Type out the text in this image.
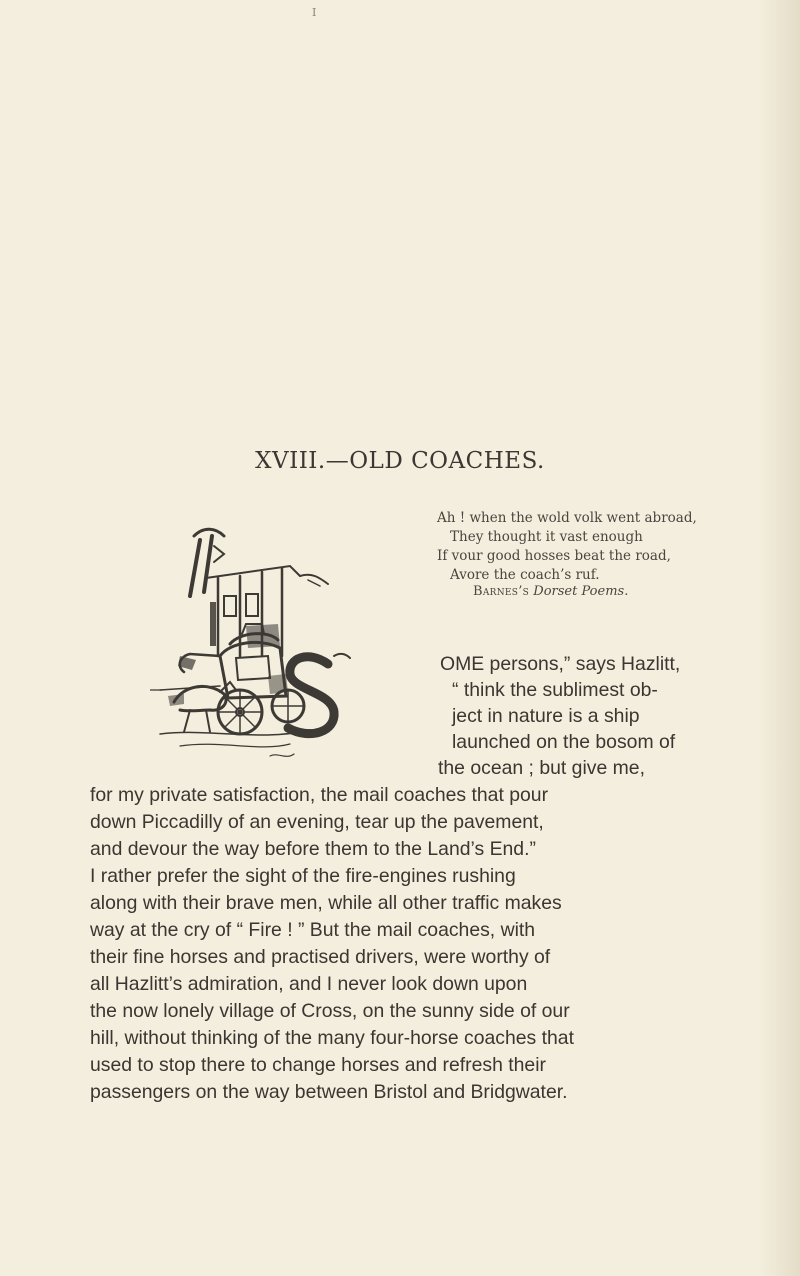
I
XVIII.—OLD COACHES.
Ah ! when the wold volk went abroad,
They thought it vast enough
If vour good hosses beat the road,
Avore the coach’s ruf.
Barnes’s Dorset Poems.
OME persons,” says Hazlitt,
“ think the sublimest ob-
ject in nature is a ship
launched on the bosom of
the ocean ; but give me,
for my private satisfaction, the mail coaches that pour
down Piccadilly of an evening, tear up the pavement,
and devour the way before them to the Land’s End.”
I rather prefer the sight of the fire-engines rushing
along with their brave men, while all other traffic makes
way at the cry of “ Fire ! ” But the mail coaches, with
their fine horses and practised drivers, were worthy of
all Hazlitt’s admiration, and I never look down upon
the now lonely village of Cross, on the sunny side of our
hill, without thinking of the many four-horse coaches that
used to stop there to change horses and refresh their
passengers on the way between Bristol and Bridgwater.
